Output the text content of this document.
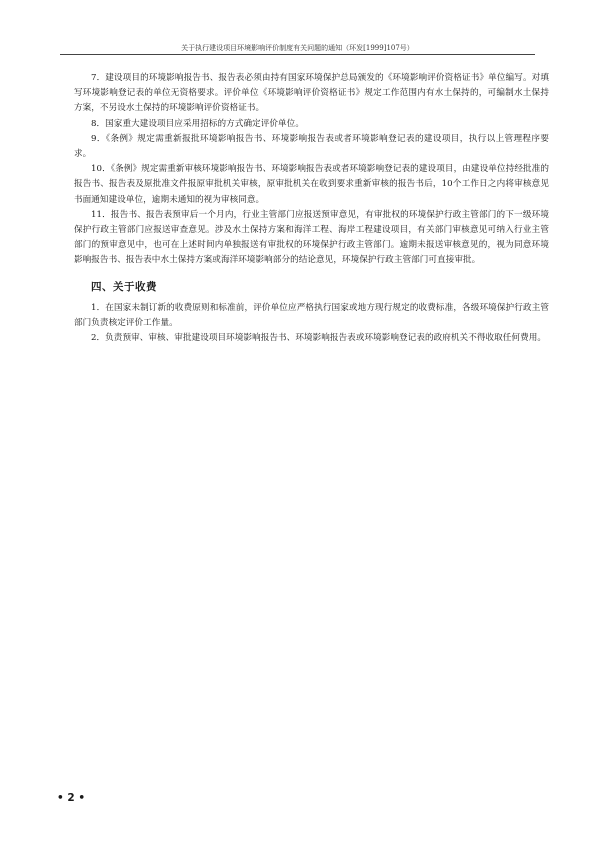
关于执行建设项目环境影响评价制度有关问题的通知（环发[1999]107号）

7．建设项目的环境影响报告书、报告表必须由持有国家环境保护总局颁发的《环境影响评价资格证书》单位编写。对填写环境影响登记表的单位无资格要求。评价单位《环境影响评价资格证书》规定工作范围内有水土保持的，可编制水土保持方案，不另设水土保持的环境影响评价资格证书。

8．国家重大建设项目应采用招标的方式确定评价单位。

9．《条例》规定需重新报批环境影响报告书、环境影响报告表或者环境影响登记表的建设项目，执行以上管理程序要求。

10．《条例》规定需重新审核环境影响报告书、环境影响报告表或者环境影响登记表的建设项目，由建设单位持经批准的报告书、报告表及原批准文件报原审批机关审核，原审批机关在收到要求重新审核的报告书后，10个工作日之内将审核意见书面通知建设单位，逾期未通知的视为审核同意。

11．报告书、报告表预审后一个月内，行业主管部门应报送预审意见，有审批权的环境保护行政主管部门的下一级环境保护行政主管部门应报送审查意见。涉及水土保持方案和海洋工程、海岸工程建设项目，有关部门审核意见可纳入行业主管部门的预审意见中，也可在上述时间内单独报送有审批权的环境保护行政主管部门。逾期未报送审核意见的，视为同意环境影响报告书、报告表中水土保持方案或海洋环境影响部分的结论意见，环境保护行政主管部门可直接审批。

四、关于收费

1．在国家未制订新的收费原则和标准前，评价单位应严格执行国家或地方现行规定的收费标准，各级环境保护行政主管部门负责核定评价工作量。

2．负责预审、审核、审批建设项目环境影响报告书、环境影响报告表或环境影响登记表的政府机关不得收取任何费用。

• 2 •
